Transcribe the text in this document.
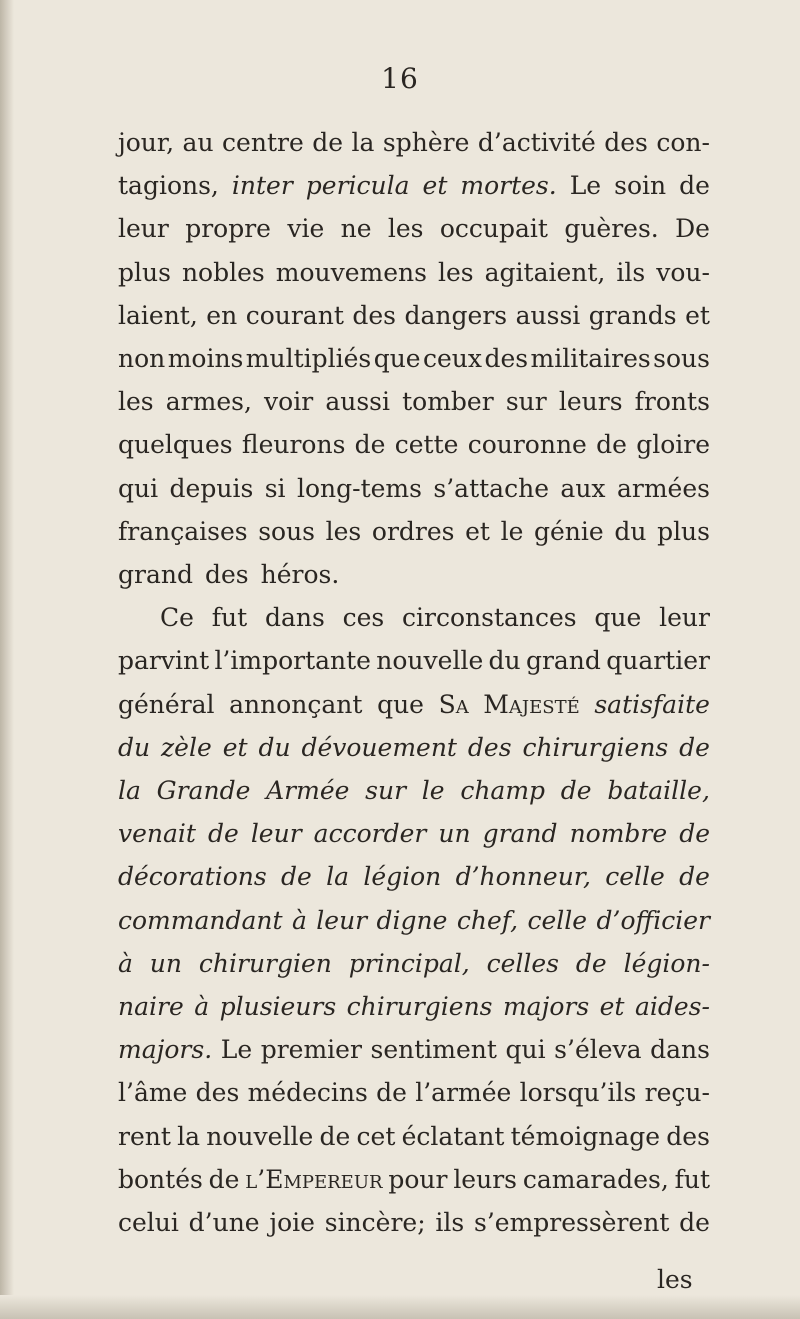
16
jour, au centre de la sphère d’activité des con-
tagions, inter pericula et mortes. Le soin de
leur propre vie ne les occupait guères. De
plus nobles mouvemens les agitaient, ils vou-
laient, en courant des dangers aussi grands et
non moins multipliés que ceux des militaires sous
les armes, voir aussi tomber sur leurs fronts
quelques fleurons de cette couronne de gloire
qui depuis si long-tems s’attache aux armées
françaises sous les ordres et le génie du plus
grand des héros.
Ce fut dans ces circonstances que leur
parvint l’importante nouvelle du grand quartier
général annonçant que Sa Majesté satisfaite
du zèle et du dévouement des chirurgiens de
la Grande Armée sur le champ de bataille,
venait de leur accorder un grand nombre de
décorations de la légion d’honneur, celle de
commandant à leur digne chef, celle d’officier
à un chirurgien principal, celles de légion-
naire à plusieurs chirurgiens majors et aides-
majors. Le premier sentiment qui s’éleva dans
l’âme des médecins de l’armée lorsqu’ils reçu-
rent la nouvelle de cet éclatant témoignage des
bontés de l’Empereur pour leurs camarades, fut
celui d’une joie sincère; ils s’empressèrent de
les
